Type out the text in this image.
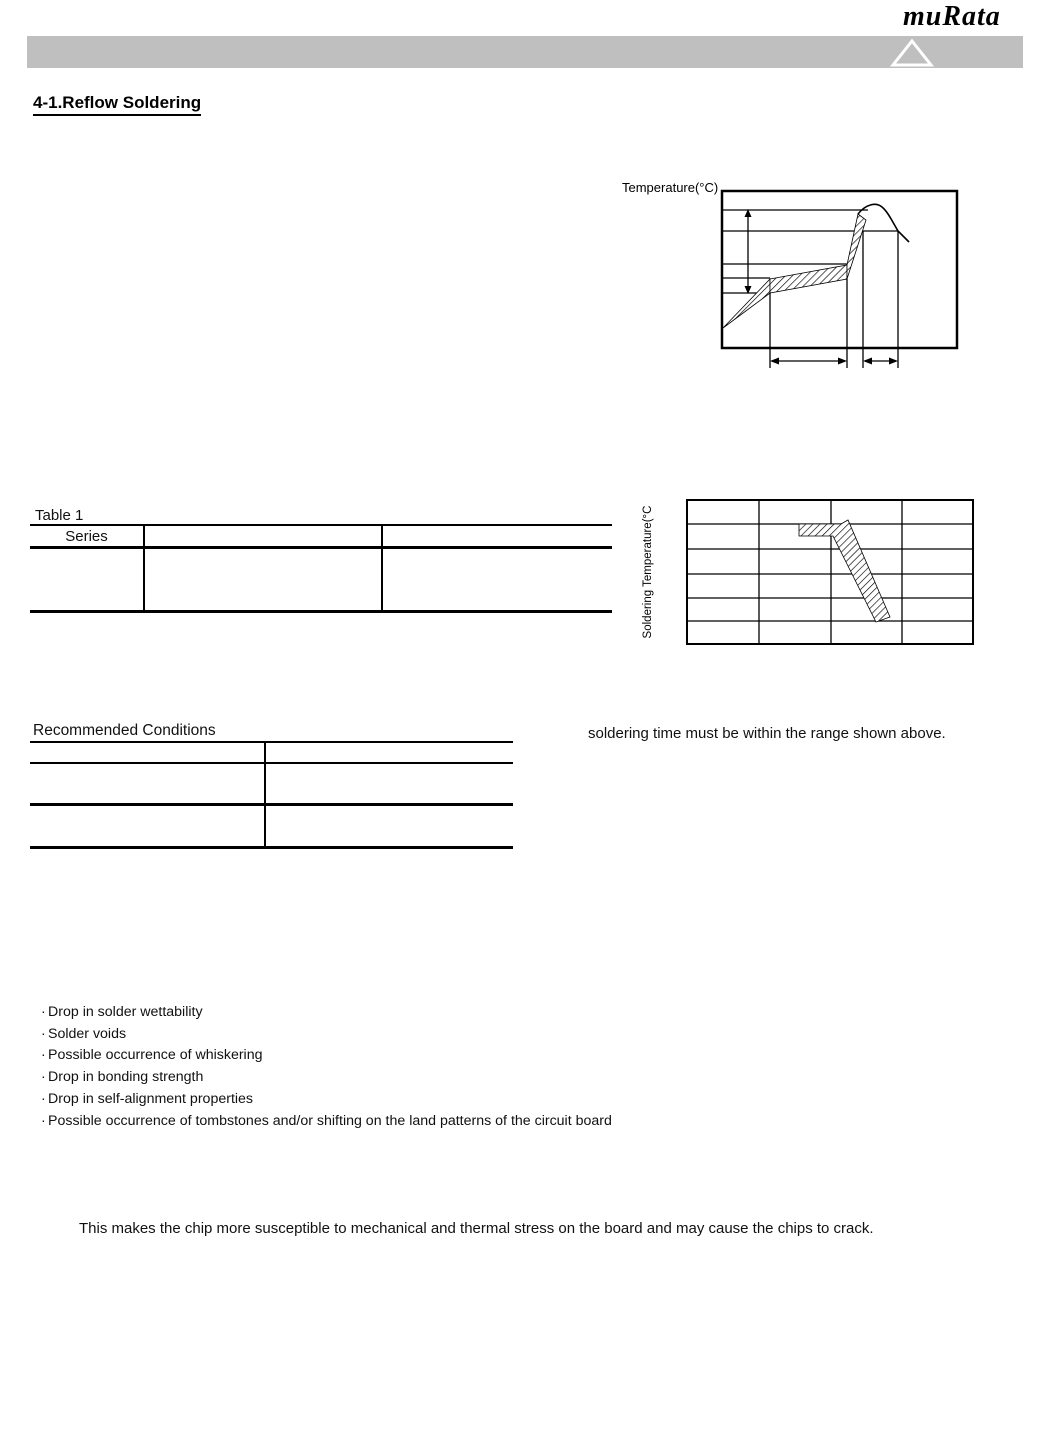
muRata
4-1.Reflow Soldering
Temperature(°C)
Table 1
Series	Soldering Temperature(°C
Recommended Conditions	soldering time must be within the range shown above.
· Drop in solder wettability
· Solder voids
· Possible occurrence of whiskering
· Drop in bonding strength
· Drop in self-alignment properties
· Possible occurrence of tombstones and/or shifting on the land patterns of the circuit board
This makes the chip more susceptible to mechanical and thermal stress on the board and may cause the chips to crack.
